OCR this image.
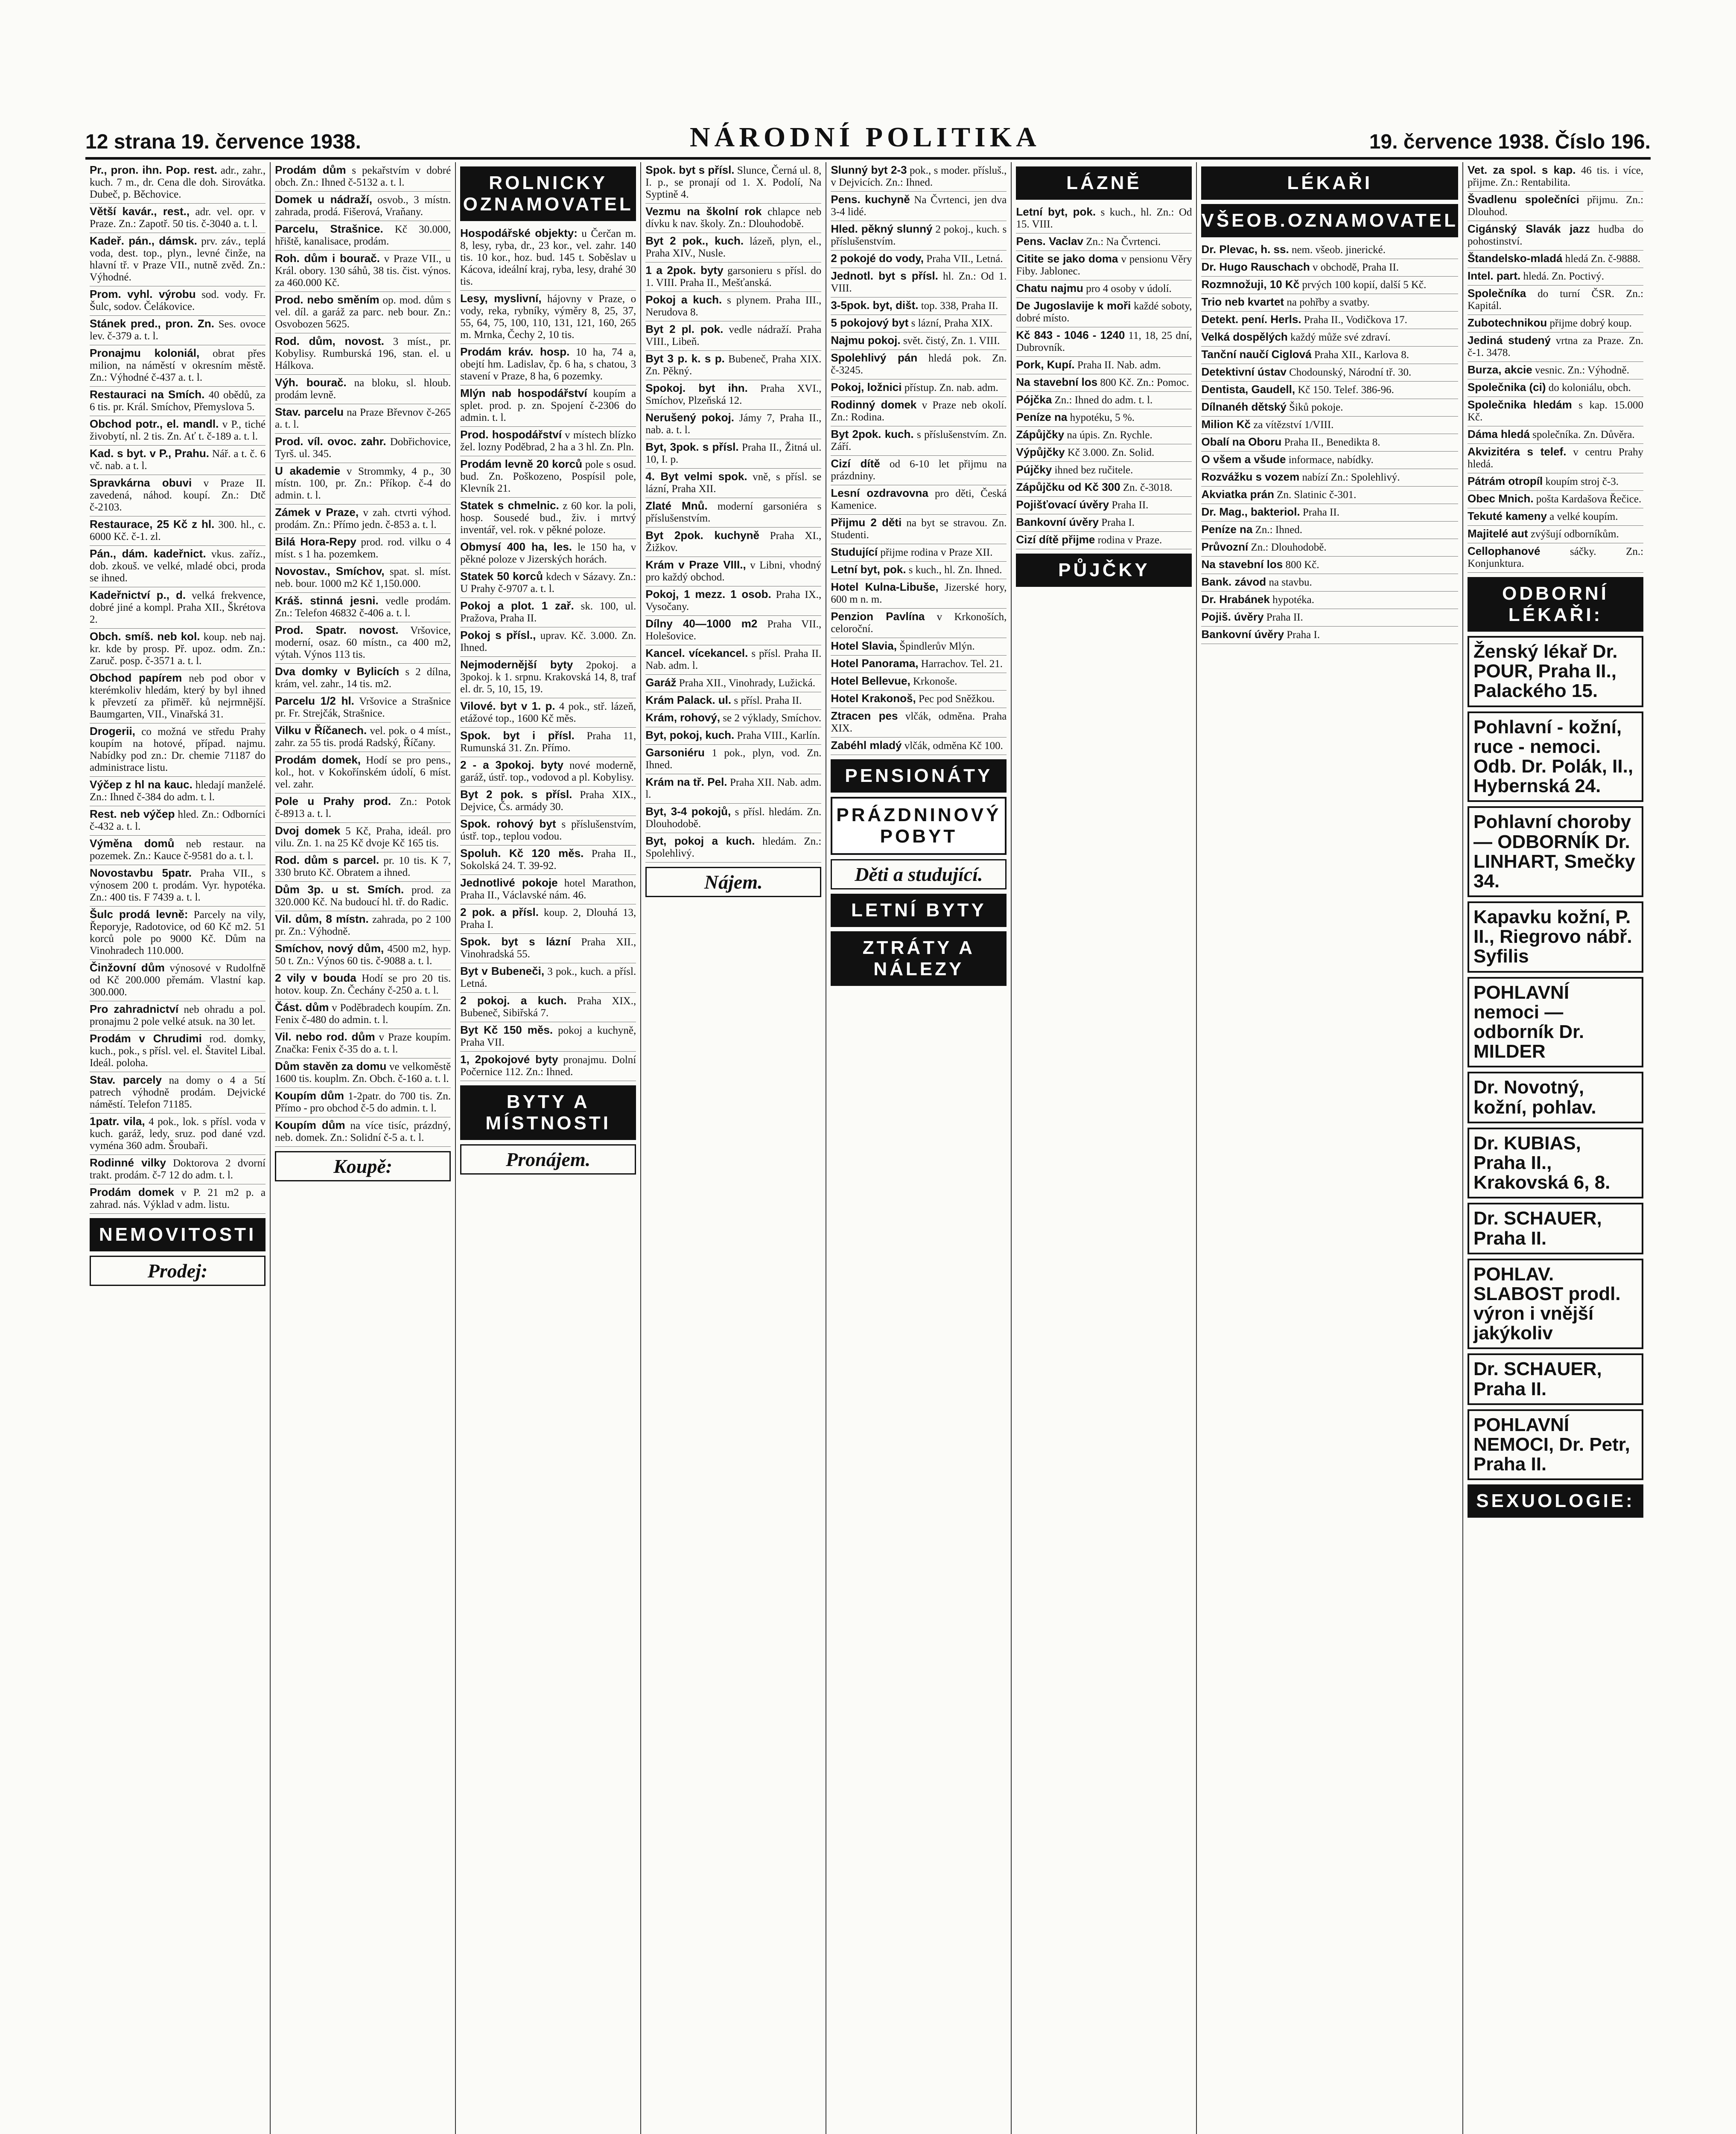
12 strana 19. července 1938.	NÁRODNÍ POLITIKA	19. července 1938. Číslo 196.
Pr., pron. ihn. Pop. rest. adr., zahr., kuch. 7 m., dr. Cena dle doh. Sirovátka. Dubeč, p. Běchovice.
Větší kavár., rest., adr. vel. opr. v Praze. Zn.: Zapotř. 50 tis. č-3040 a. t. l.
Kadeř. pán., dámsk. prv. záv., teplá voda, dest. top., plyn., levné činže, na hlavní tř. v Praze VII., nutně zvěd. Zn.: Výhodné.
Prom. vyhl. výrobu sod. vody. Fr. Šulc, sodov. Čelákovice.
Stánek pred., pron. Zn. Ses. ovoce lev. č-379 a. t. l.
Pronajmu koloniál, obrat přes milion, na náměstí v okresním městě. Zn.: Výhodné č-437 a. t. l.
Restauraci na Smích. 40 obědů, za 6 tis. pr. Král. Smíchov, Přemyslova 5.
Obchod potr., el. mandl. v P., tiché živobytí, nl. 2 tis. Zn. Ať t. č-189 a. t. l.
Kad. s byt. v P., Prahu. Nář. a t. č. 6 vč. nab. a t. l.
Spravkárna obuvi v Praze II. zavedená, náhod. koupí. Zn.: Dtč č-2103.
Restaurace, 25 Kč z hl. 300. hl., c. 6000 Kč. č-1. zl.
Pán., dám. kadeřnict. vkus. zaříz., dob. zkouš. ve velké, mladé obci, proda se ihned.
Kadeřnictví p., d. velká frekvence, dobré jiné a kompl. Praha XII., Škrétova 2.
Obch. smíš. neb kol. koup. neb naj. kr. kde by prosp. Př. upoz. odm. Zn.: Zaruč. posp. č-3571 a. t. l.
Obchod papírem neb pod obor v kterémkoliv hledám, který by byl ihned k převzetí za přiměř. ků nejrmnější. Baumgarten, VII., Vinařská 31.
Drogerii, co možná ve středu Prahy koupím na hotové, případ. najmu. Nabídky pod zn.: Dr. chemie 71187 do administrace listu.
Výčep z hl na kauc. hledají manželé. Zn.: Ihned č-384 do adm. t. l.
Rest. neb výčep hled. Zn.: Odborníci č-432 a. t. l.
Výměna domů neb restaur. na pozemek. Zn.: Kauce č-9581 do a. t. l.
Novostavbu 5patr. Praha VII., s výnosem 200 t. prodám. Vyr. hypotéka. Zn.: 400 tis. F 7439 a. t. l.
Šulc prodá levně: Parcely na vily, Řeporyje, Radotovice, od 60 Kč m2. 51 korců pole po 9000 Kč. Dům na Vinohradech 110.000.
Činžovní dům výnosové v Rudolfně od Kč 200.000 přemám. Vlastní kap. 300.000.
Pro zahradnictví neb ohradu a pol. pronajmu 2 pole velké atsuk. na 30 let.
Prodám v Chrudimi rod. domky, kuch., pok., s přísl. vel. el. Štavitel Libal. Ideál. poloha.
Stav. parcely na domy o 4 a 5tí patrech výhodně prodám. Dejvické náměstí. Telefon 71185.
1patr. vila, 4 pok., lok. s přísl. voda v kuch. garáž, ledy, sruz. pod dané vzd. vyména 360 adm. Šroubaři.
Rodinné vilky Doktorova 2 dvorní trakt. prodám. č-7 12 do adm. t. l.
Prodám domek v P. 21 m2 p. a zahrad. nás. Výklad v adm. listu.
NEMOVITOSTI
Prodej:
Prodám dům s pekařstvím v dobré obch. Zn.: Ihned č-5132 a. t. l.
Domek u nádraží, osvob., 3 místn. zahrada, prodá. Fišerová, Vraňany.
Parcelu, Strašnice. Kč 30.000, hřiště, kanalisace, prodám.
Roh. dům i bourač. v Praze VII., u Král. obory. 130 sáhů, 38 tis. čist. výnos. za 460.000 Kč.
Prod. nebo směním op. mod. dům s vel. díl. a garáž za parc. neb bour. Zn.: Osvobozen 5625.
Rod. dům, novost. 3 míst., pr. Kobylisy. Rumburská 196, stan. el. u Hálkova.
Výh. bourač. na bloku, sl. hloub. prodám levně.
Stav. parcelu na Praze Břevnov č-265 a. t. l.
Prod. víl. ovoc. zahr. Dobřichovice, Tyrš. ul. 345.
U akademie v Strommky, 4 p., 30 místn. 100, pr. Zn.: Příkop. č-4 do admin. t. l.
Zámek v Praze, v zah. ctvrti výhod. prodám. Zn.: Přímo jedn. č-853 a. t. l.
Bilá Hora-Repy prod. rod. vilku o 4 míst. s 1 ha. pozemkem.
Novostav., Smíchov, spat. sl. míst. neb. bour. 1000 m2 Kč 1,150.000.
Kráš. stinná jesni. vedle prodám. Zn.: Telefon 46832 č-406 a. t. l.
Prod. Spatr. novost. Vršovice, moderní, osaz. 60 místn., ca 400 m2, výtah. Výnos 113 tis.
Dva domky v Bylicích s 2 dílna, krám, vel. zahr., 14 tis. m2.
Parcelu 1/2 hl. Vršovice a Strašnice pr. Fr. Strejčák, Strašnice.
Vilku v Říčanech. vel. pok. o 4 míst., zahr. za 55 tis. prodá Radský, Říčany.
Prodám domek, Hodí se pro pens., kol., hot. v Kokořínském údolí, 6 míst. vel. zahr.
Pole u Prahy prod. Zn.: Potok č-8913 a. t. l.
Dvoj domek 5 Kč, Praha, ideál. pro vilu. Zn. 1. na 25 Kč dvoje Kč 165 tis.
Rod. dům s parcel. pr. 10 tis. K 7, 330 bruto Kč. Obratem a ihned.
Dům 3p. u st. Smích. prod. za 320.000 Kč. Na budoucí hl. tř. do Radic.
Vil. dům, 8 místn. zahrada, po 2 100 pr. Zn.: Výhodně.
Smíchov, nový dům, 4500 m2, hyp. 50 t. Zn.: Výnos 60 tis. č-9088 a. t. l.
2 vily v bouda Hodí se pro 20 tis. hotov. koup. Zn. Čechány č-250 a. t. l.
Část. dům v Poděbradech koupím. Zn. Fenix č-480 do admin. t. l.
Vil. nebo rod. dům v Praze koupím. Značka: Fenix č-35 do a. t. l.
Dům stavěn za domu ve velkoměstě 1600 tis. kouplm. Zn. Obch. č-160 a. t. l.
Koupím dům 1-2patr. do 700 tis. Zn. Přímo - pro obchod č-5 do admin. t. l.
Koupím dům na více tisíc, prázdný, neb. domek. Zn.: Solidní č-5 a. t. l.
Koupě:
ROLNICKY OZNAMOVATEL
Hospodářské objekty: u Čerčan m. 8, lesy, ryba, dr., 23 kor., vel. zahr. 140 tis. 10 kor., hoz. bud. 145 t. Soběslav u Kácova, ideální kraj, ryba, lesy, drahé 30 tis.
Lesy, myslivní, hájovny v Praze, o vody, reka, rybníky, výměry 8, 25, 37, 55, 64, 75, 100, 110, 131, 121, 160, 265 m. Mrnka, Čechy 2, 10 tis.
Prodám kráv. hosp. 10 ha, 74 a, obejtí hm. Ladislav, čp. 6 ha, s chatou, 3 stavení v Praze, 8 ha, 6 pozemky.
Mlýn nab hospodářství koupím a splet. prod. p. zn. Spojení č-2306 do admin. t. l.
Prod. hospodářství v místech blízko žel. lozny Poděbrad, 2 ha a 3 hl. Zn. Pln.
Prodám levně 20 korců pole s osud. bud. Zn. Poškozeno, Pospísil pole, Klevník 21.
Statek s chmelnic. z 60 kor. la poli, hosp. Sousedé bud., živ. i mrtvý inventář, vel. rok. v pěkné poloze.
Obmysí 400 ha, les. le 150 ha, v pěkné poloze v Jizerských horách.
Statek 50 korců kdech v Sázavy. Zn.: U Prahy č-9707 a. t. l.
Pokoj a plot. 1 zař. sk. 100, ul. Pražova, Praha II.
Pokoj s přísl., uprav. Kč. 3.000. Zn. Ihned.
Nejmodernější byty 2pokoj. a 3pokoj. k 1. srpnu. Krakovská 14, 8, traf el. dr. 5, 10, 15, 19.
Vilové. byt v 1. p. 4 pok., stř. lázeň, etážové top., 1600 Kč měs.
Spok. byt i přísl. Praha 11, Rumunská 31. Zn. Přímo.
2 - a 3pokoj. byty nové moderně, garáž, ústř. top., vodovod a pl. Kobylisy.
Byt 2 pok. s přísl. Praha XIX., Dejvice, Čs. armády 30.
Spok. rohový byt s příslušenstvím, ústř. top., teplou vodou.
Spoluh. Kč 120 měs. Praha II., Sokolská 24. T. 39-92.
Jednotlivé pokoje hotel Marathon, Praha II., Václavské nám. 46.
2 pok. a přísl. koup. 2, Dlouhá 13, Praha I.
Spok. byt s lázní Praha XII., Vinohradská 55.
Byt v Bubeneči, 3 pok., kuch. a přísl. Letná.
2 pokoj. a kuch. Praha XIX., Bubeneč, Sibiřská 7.
Byt Kč 150 měs. pokoj a kuchyně, Praha VII.
1, 2pokojové byty pronajmu. Dolní Počernice 112. Zn.: Ihned.
BYTY A MÍSTNOSTI
Pronájem.
Spok. byt s přísl. Slunce, Černá ul. 8, I. p., se pronají od 1. X. Podolí, Na Syptině 4.
Vezmu na školní rok chlapce neb dívku k nav. školy. Zn.: Dlouhodobě.
Byt 2 pok., kuch. lázeň, plyn, el., Praha XIV., Nusle.
1 a 2pok. byty garsonieru s přísl. do 1. VIII. Praha II., Mešťanská.
Pokoj a kuch. s plynem. Praha III., Nerudova 8.
Byt 2 pl. pok. vedle nádraží. Praha VIII., Libeň.
Byt 3 p. k. s p. Bubeneč, Praha XIX. Zn. Pěkný.
Spokoj. byt ihn. Praha XVI., Smíchov, Plzeňská 12.
Nerušený pokoj. Jámy 7, Praha II., nab. a. t. l.
Byt, 3pok. s přísl. Praha II., Žitná ul. 10, I. p.
4. Byt velmi spok. vně, s přísl. se lázní, Praha XII.
Zlaté Mnů. moderní garsoniéra s příslušenstvím.
Byt 2pok. kuchyně Praha XI., Žižkov.
Krám v Praze VIII., v Libni, vhodný pro každý obchod.
Pokoj, 1 mezz. 1 osob. Praha IX., Vysočany.
Dílny 40—1000 m2 Praha VII., Holešovice.
Kancel. vícekancel. s přísl. Praha II. Nab. adm. l.
Garáž Praha XII., Vinohrady, Lužická.
Krám Palack. ul. s přísl. Praha II.
Krám, rohový, se 2 výklady, Smíchov.
Byt, pokoj, kuch. Praha VIII., Karlín.
Garsoniéru 1 pok., plyn, vod. Zn. Ihned.
Krám na tř. Pel. Praha XII. Nab. adm. l.
Byt, 3-4 pokojů, s přísl. hledám. Zn. Dlouhodobě.
Byt, pokoj a kuch. hledám. Zn.: Spolehlivý.
Nájem.
Slunný byt 2-3 pok., s moder. přísluš., v Dejvicích. Zn.: Ihned.
Pens. kuchyně Na Čvrtenci, jen dva 3-4 lidé.
Hled. pěkný slunný 2 pokoj., kuch. s příslušenstvím.
2 pokojé do vody, Praha VII., Letná.
Jednotl. byt s přísl. hl. Zn.: Od 1. VIII.
3-5pok. byt, dišt. top. 338, Praha II.
5 pokojový byt s lázní, Praha XIX.
Najmu pokoj. svět. čistý, Zn. 1. VIII.
Spolehlivý pán hledá pok. Zn. č-3245.
Pokoj, ložnici přístup. Zn. nab. adm.
Rodinný domek v Praze neb okolí. Zn.: Rodina.
Byt 2pok. kuch. s příslušenstvím. Zn. Září.
Cizí dítě od 6-10 let přijmu na prázdniny.
Lesní ozdravovna pro děti, Česká Kamenice.
Přijmu 2 děti na byt se stravou. Zn. Studenti.
Studující přijme rodina v Praze XII.
Letní byt, pok. s kuch., hl. Zn. Ihned.
Hotel Kulna-Libuše, Jizerské hory, 600 m n. m.
Penzion Pavlína v Krkonoších, celoroční.
Hotel Slavia, Špindlerův Mlýn.
Hotel Panorama, Harrachov. Tel. 21.
Hotel Bellevue, Krkonoše.
Hotel Krakonoš, Pec pod Sněžkou.
Ztracen pes vlčák, odměna. Praha XIX.
Zabéhl mladý vlčák, odměna Kč 100.
PENSIONÁTY
PRÁZDNINOVÝ POBYT
Děti a studující.
LETNÍ BYTY
ZTRÁTY A NÁLEZY
LÁZNĚ
Letní byt, pok. s kuch., hl. Zn.: Od 15. VIII.
Pens. Vaclav Zn.: Na Čvrtenci.
Citite se jako doma v pensionu Věry Fiby. Jablonec.
Chatu najmu pro 4 osoby v údolí.
De Jugoslavije k moři každé soboty, dobré místo.
Kč 843 - 1046 - 1240 11, 18, 25 dní, Dubrovník.
Pork, Kupí. Praha II. Nab. adm.
Na stavební los 800 Kč. Zn.: Pomoc.
Pójčka Zn.: Ihned do adm. t. l.
Peníze na hypotéku, 5 %.
Zápůjčky na úpis. Zn. Rychle.
Výpůjčky Kč 3.000. Zn. Solid.
Pújčky ihned bez ručitele.
Zápůjčku od Kč 300 Zn. č-3018.
Pojišťovací úvěry Praha II.
Bankovní úvěry Praha I.
Cizí dítě přijme rodina v Praze.
PŮJČKY
LÉKAŘI
VŠEOB.OZNAMOVATEL
Dr. Plevac, h. ss. nem. všeob. jinerické.
Dr. Hugo Rauschach v obchodě, Praha II.
Rozmnožuji, 10 Kč prvých 100 kopií, další 5 Kč.
Trio neb kvartet na pohřby a svatby.
Detekt. pení. Herls. Praha II., Vodičkova 17.
Velká dospělých každý může své zdraví.
Tanční naučí Ciglová Praha XII., Karlova 8.
Detektivní ústav Chodounský, Národní tř. 30.
Dentista, Gaudell, Kč 150. Telef. 386-96.
Dílnanéh dětský Šiků pokoje.
Milion Kč za vítězství 1/VIII.
Obalí na Oboru Praha II., Benedikta 8.
O všem a všude informace, nabídky.
Rozvážku s vozem nabízí Zn.: Spolehlivý.
Akviatka prán Zn. Slatinic č-301.
Dr. Mag., bakteriol. Praha II.
Peníze na Zn.: Ihned.
Průvozní Zn.: Dlouhodobě.
Na stavební los 800 Kč.
Bank. závod na stavbu.
Dr. Hrabánek hypotéka.
Pojiš. úvěry Praha II.
Bankovní úvěry Praha I.
Vet. za spol. s kap. 46 tis. i více, přijme. Zn.: Rentabilita.
Švadlenu společníci přijmu. Zn.: Dlouhod.
Cigánský Slavák jazz hudba do pohostinství.
Štandelsko-mladá hledá Zn. č-9888.
Intel. part. hledá. Zn. Poctivý.
Společníka do turní ČSR. Zn.: Kapitál.
Zubotechnikou přijme dobrý koup.
Jediná studený vrtna za Praze. Zn. č-1. 3478.
Burza, akcie vesnic. Zn.: Výhodně.
Společnika (ci) do koloniálu, obch.
Společnika hledám s kap. 15.000 Kč.
Dáma hledá společníka. Zn. Důvěra.
Akvizitéra s telef. v centru Prahy hledá.
Pátrám otropíl koupím stroj č-3.
Obec Mnich. pošta Kardašova Řečice.
Tekuté kameny a velké koupím.
Majitelé aut zvýšují odborníkům.
Cellophanové	sáčky. Zn.: Konjunktura.
ODBORNÍ LÉKAŘI:
Ženský lékař Dr. POUR, Praha II., Palackého 15.
Pohlavní - kožní, ruce - nemoci. Odb. Dr. Polák, II., Hybernská 24.
Pohlavní choroby — ODBORNÍK Dr. LINHART, Smečky 34.
Kapavku kožní, P. II., Riegrovo nábř. Syfilis
POHLAVNÍ nemoci — odborník Dr. MILDER
Dr. Novotný, kožní, pohlav.
Dr. KUBIAS, Praha II., Krakovská 6, 8.
Dr. SCHAUER, Praha II.
POHLAV. SLABOST prodl. výron i vnější jakýkoliv
Dr. SCHAUER, Praha II.
POHLAVNÍ NEMOCI, Dr. Petr, Praha II.
SEXUOLOGIE:
